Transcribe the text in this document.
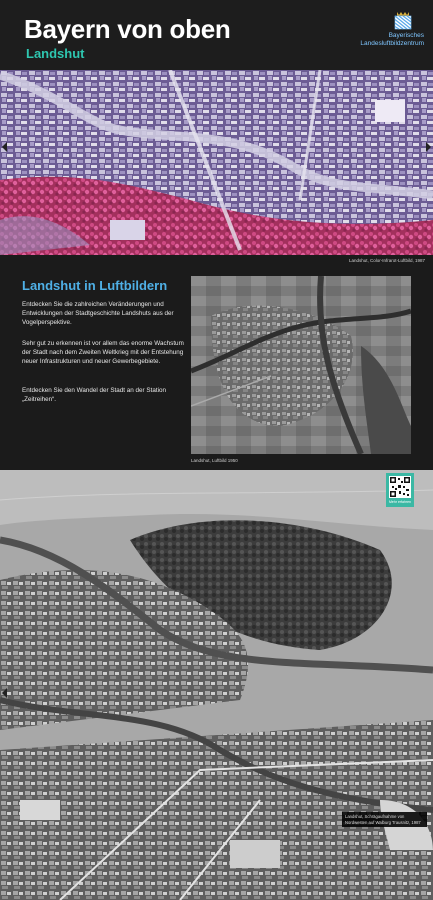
Bayern von oben
Landshut
Bayerisches
Landesluftbildzentrum
Landshut, Color-Infrarot-Luftbild, 1987
Landshut in Luftbildern
Entdecken Sie die zahlreichen Veränderungen und Entwicklungen der Stadtgeschichte Landshuts aus der Vogelperspektive.
Sehr gut zu erkennen ist vor allem das enorme Wachstum der Stadt nach dem Zweiten Weltkrieg mit der Entstehung neuer Infrastrukturen und neuer Gewerbegebiete.
Entdecken Sie den Wandel der Stadt an der Station „Zeitreihen“.
Landshut, Luftbild 1950
Mehr erfahren
Landshut, Schrägaufnahme von Nordwesten auf Walburg Trausnitz, 1987
